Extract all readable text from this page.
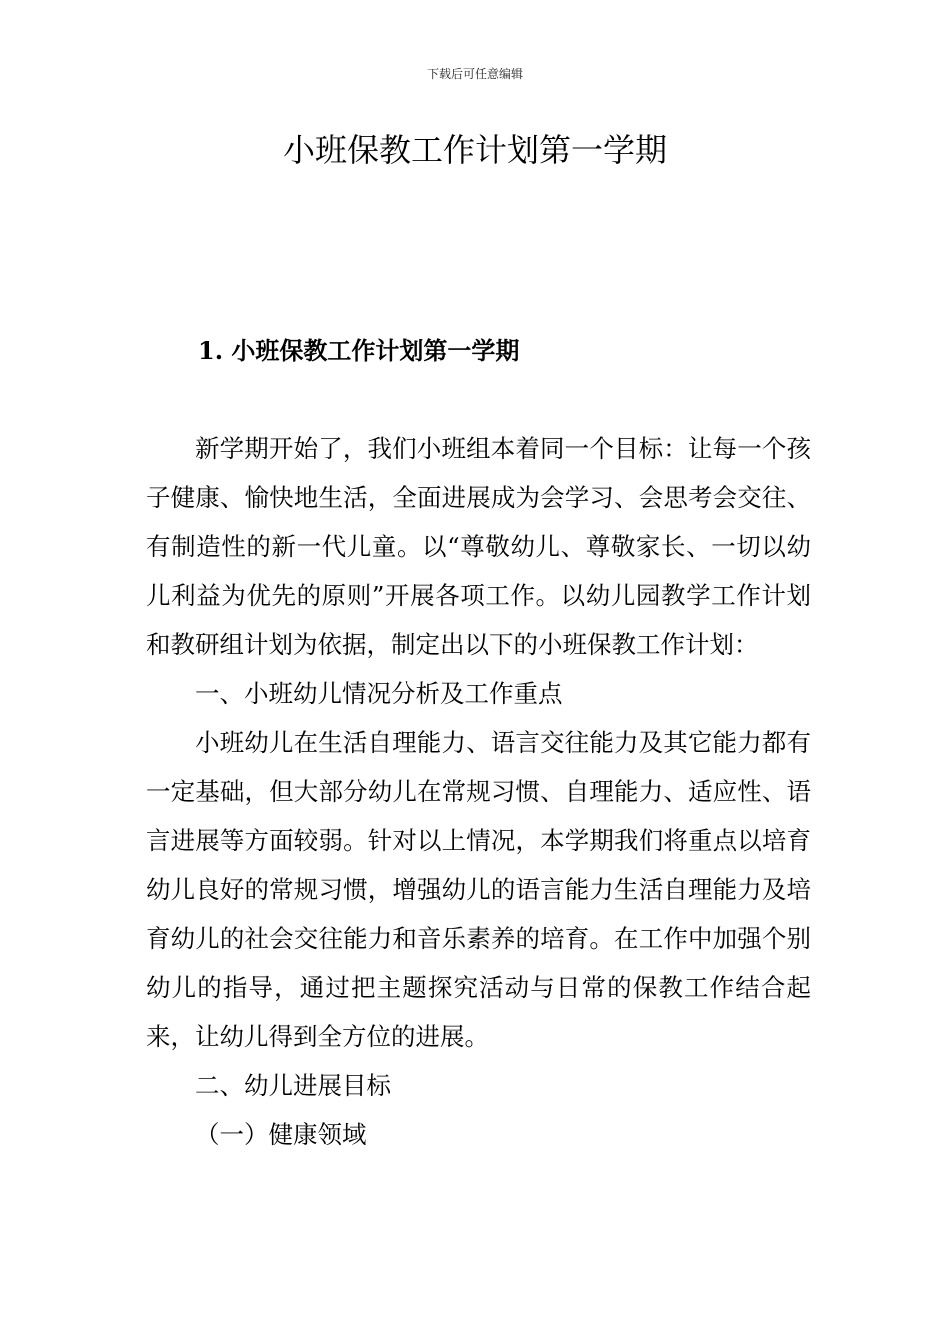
下载后可任意编辑
小班保教工作计划第一学期
1. 小班保教工作计划第一学期

新学期开始了，我们小班组本着同一个目标：让每一个孩子健康、愉快地生活，全面进展成为会学习、会思考会交往、有制造性的新一代儿童。以“尊敬幼儿、尊敬家长、一切以幼儿利益为优先的原则”开展各项工作。以幼儿园教学工作计划和教研组计划为依据，制定出以下的小班保教工作计划：

一、小班幼儿情况分析及工作重点

小班幼儿在生活自理能力、语言交往能力及其它能力都有一定基础，但大部分幼儿在常规习惯、自理能力、适应性、语言进展等方面较弱。针对以上情况，本学期我们将重点以培育幼儿良好的常规习惯，增强幼儿的语言能力生活自理能力及培育幼儿的社会交往能力和音乐素养的培育。在工作中加强个别幼儿的指导，通过把主题探究活动与日常的保教工作结合起来，让幼儿得到全方位的进展。

二、幼儿进展目标

（一）健康领域
